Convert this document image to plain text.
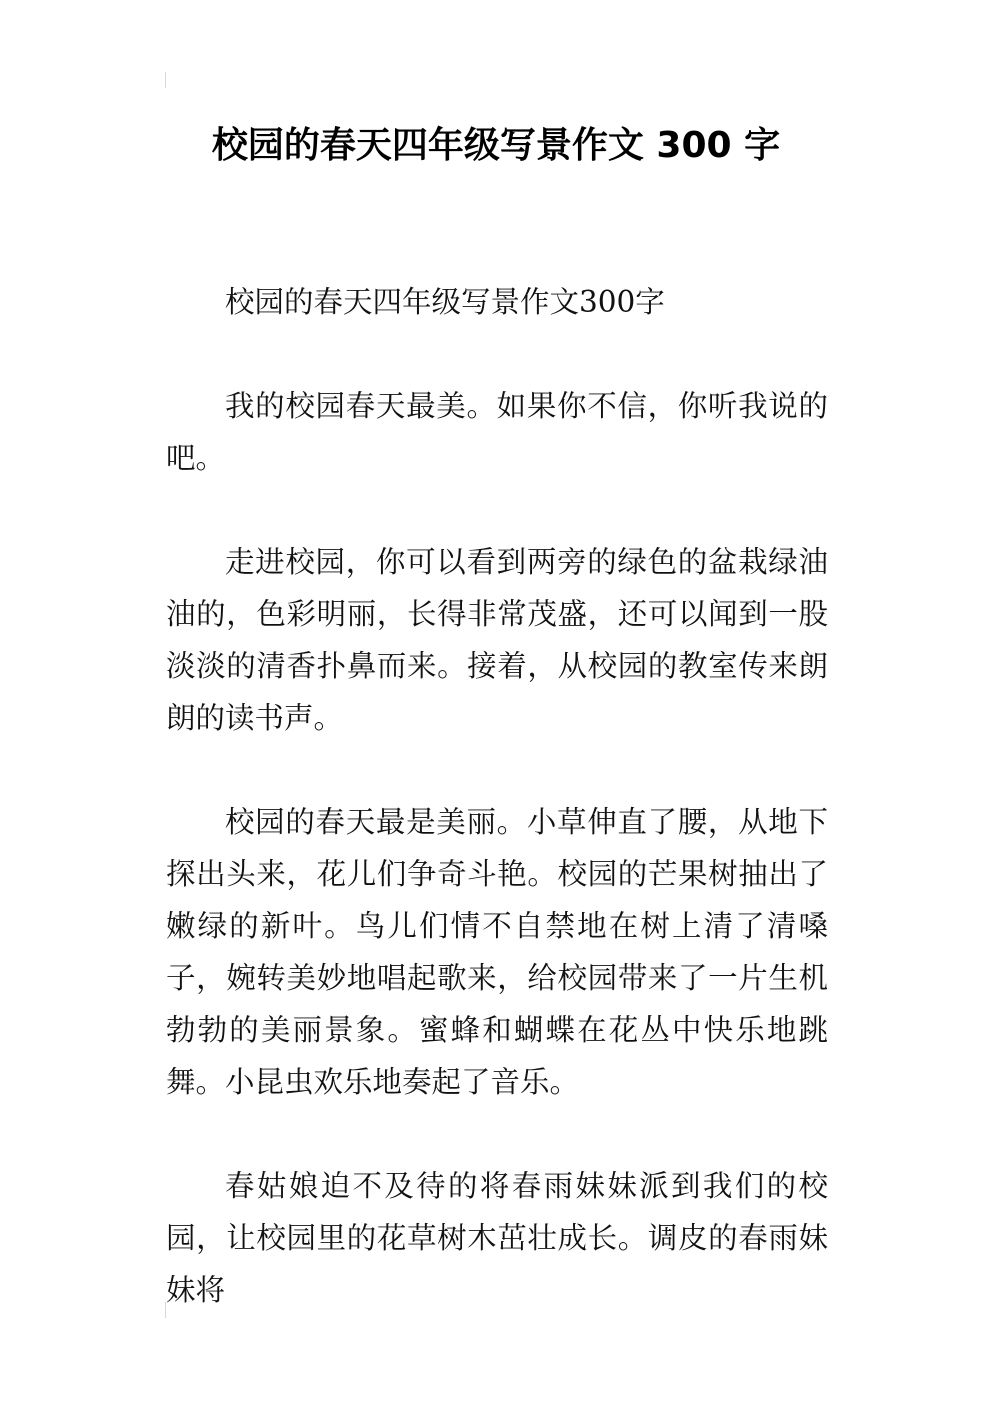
校园的春天四年级写景作文 300 字

校园的春天四年级写景作文300字

我的校园春天最美。如果你不信，你听我说的吧。

走进校园，你可以看到两旁的绿色的盆栽绿油油的，色彩明丽，长得非常茂盛，还可以闻到一股淡淡的清香扑鼻而来。接着，从校园的教室传来朗朗的读书声。

校园的春天最是美丽。小草伸直了腰，从地下探出头来，花儿们争奇斗艳。校园的芒果树抽出了嫩绿的新叶。鸟儿们情不自禁地在树上清了清嗓子，婉转美妙地唱起歌来，给校园带来了一片生机勃勃的美丽景象。蜜蜂和蝴蝶在花丛中快乐地跳舞。小昆虫欢乐地奏起了音乐。

春姑娘迫不及待的将春雨妹妹派到我们的校园，让校园里的花草树木茁壮成长。调皮的春雨妹妹将
